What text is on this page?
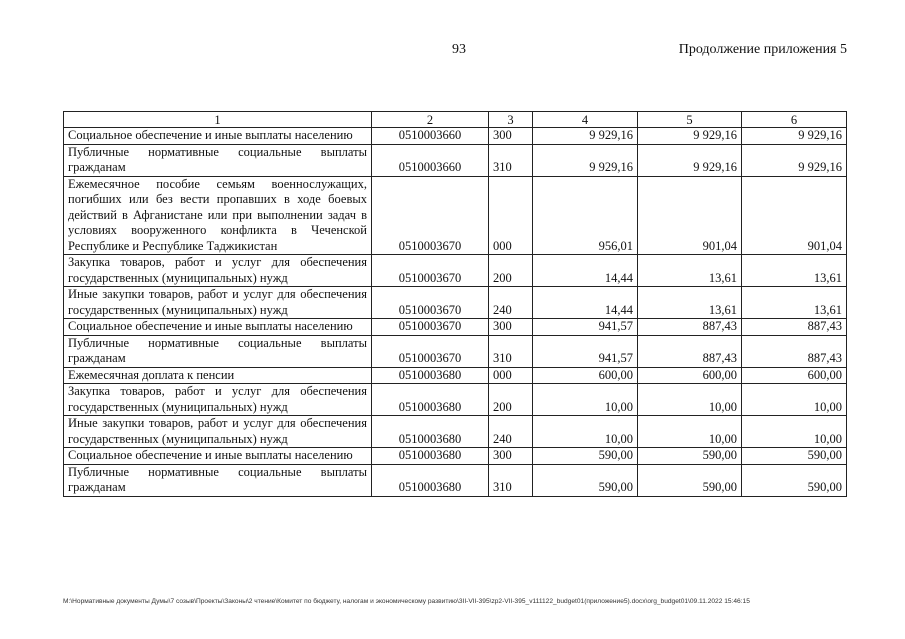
93	Продолжение приложения 5
1	2	3	4	5	6
Социальное обеспечение и иные выплаты населению	0510003660	300	9 929,16	9 929,16	9 929,16
Публичные нормативные социальные выплаты гражданам	0510003660	310	9 929,16	9 929,16	9 929,16
Ежемесячное пособие семьям военнослужащих, погибших или без вести пропавших в ходе боевых действий в Афганистане или при выполнении задач в условиях вооруженного конфликта в Чеченской Республике и Республике Таджикистан	0510003670	000	956,01	901,04	901,04
Закупка товаров, работ и услуг для обеспечения государственных (муниципальных) нужд	0510003670	200	14,44	13,61	13,61
Иные закупки товаров, работ и услуг для обеспечения государственных (муниципальных) нужд	0510003670	240	14,44	13,61	13,61
Социальное обеспечение и иные выплаты населению	0510003670	300	941,57	887,43	887,43
Публичные нормативные социальные выплаты гражданам	0510003670	310	941,57	887,43	887,43
Ежемесячная доплата к пенсии	0510003680	000	600,00	600,00	600,00
Закупка товаров, работ и услуг для обеспечения государственных (муниципальных) нужд	0510003680	200	10,00	10,00	10,00
Иные закупки товаров, работ и услуг для обеспечения государственных (муниципальных) нужд	0510003680	240	10,00	10,00	10,00
Социальное обеспечение и иные выплаты населению	0510003680	300	590,00	590,00	590,00
Публичные нормативные социальные выплаты гражданам	0510003680	310	590,00	590,00	590,00
M:\Нормативные документы Думы\7 созыв\Проекты\Законы\2 чтение\Комитет по бюджету, налогам и экономическому развитию\3II-VII-395\zp2-VII-395_v111122_budget01(приложение5).docx\org_budget01\09.11.2022 15:46:15
